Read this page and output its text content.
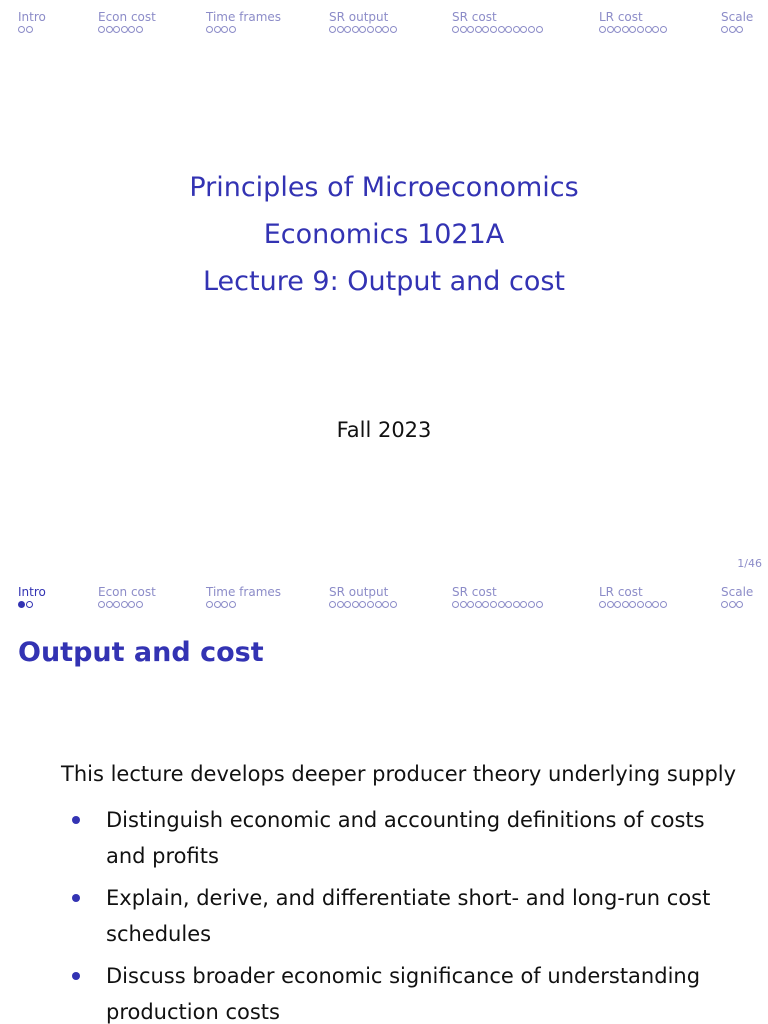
Intro	Econ cost	Time frames	SR output	SR cost	LR cost	Scale
Principles of Microeconomics
Economics 1021A
Lecture 9: Output and cost
Fall 2023
1/46
Intro	Econ cost	Time frames	SR output	SR cost	LR cost	Scale
Output and cost

This lecture develops deeper producer theory underlying supply

Distinguish economic and accounting definitions of costs and profits
Explain, derive, and differentiate short- and long-run cost schedules
Discuss broader economic significance of understanding production costs
